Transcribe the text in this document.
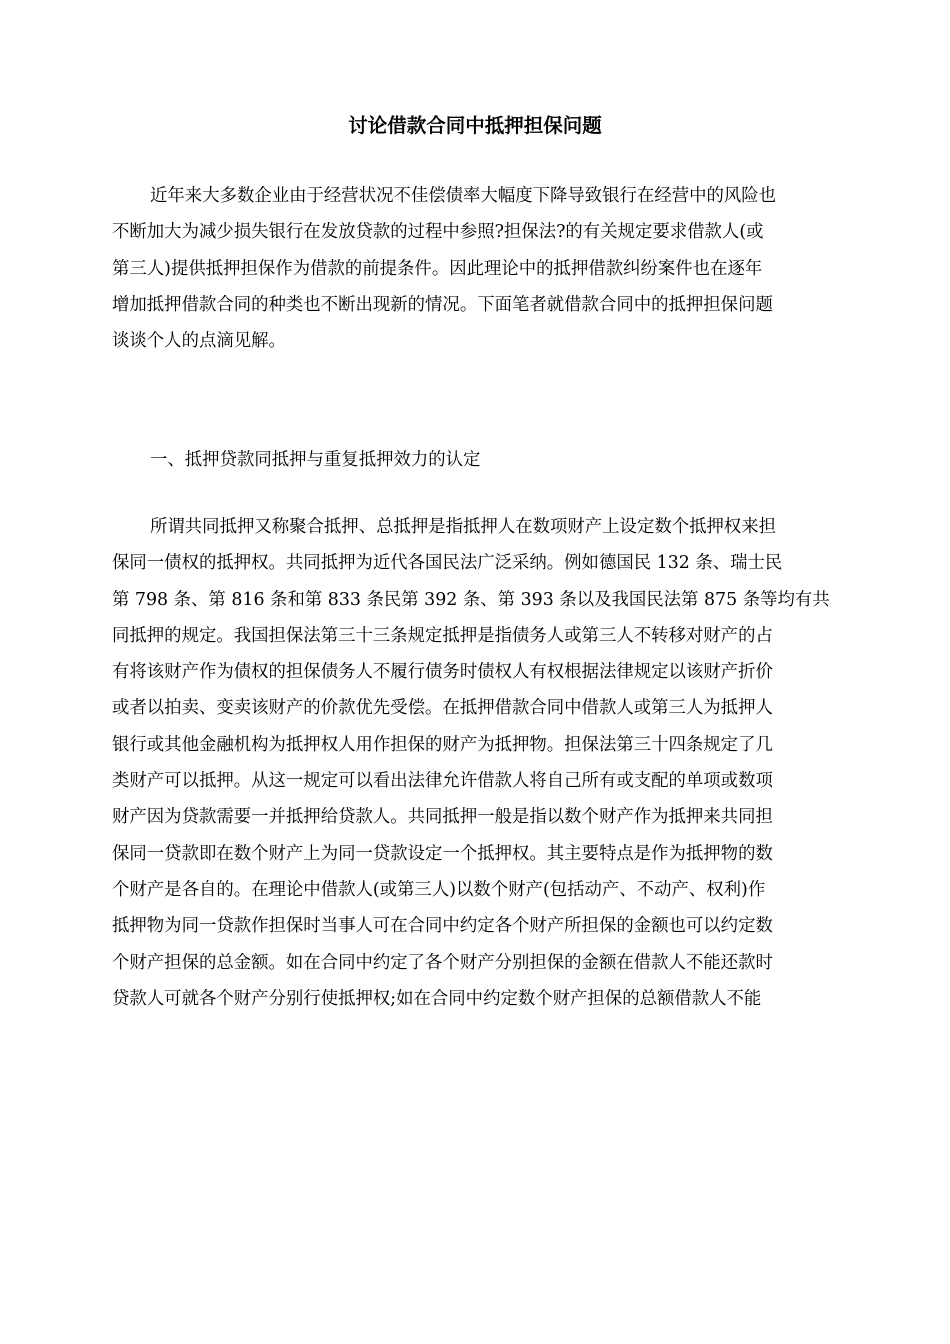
讨论借款合同中抵押担保问题
近年来大多数企业由于经营状况不佳偿债率大幅度下降导致银行在经营中的风险也
不断加大为减少损失银行在发放贷款的过程中参照?担保法?的有关规定要求借款人(或
第三人)提供抵押担保作为借款的前提条件。因此理论中的抵押借款纠纷案件也在逐年
增加抵押借款合同的种类也不断出现新的情况。下面笔者就借款合同中的抵押担保问题
谈谈个人的点滴见解。
一、抵押贷款同抵押与重复抵押效力的认定
所谓共同抵押又称聚合抵押、总抵押是指抵押人在数项财产上设定数个抵押权来担
保同一债权的抵押权。共同抵押为近代各国民法广泛采纳。例如德国民 132 条、瑞士民
第 798 条、第 816 条和第 833 条民第 392 条、第 393 条以及我国民法第 875 条等均有共
同抵押的规定。我国担保法第三十三条规定抵押是指债务人或第三人不转移对财产的占
有将该财产作为债权的担保债务人不履行债务时债权人有权根据法律规定以该财产折价
或者以拍卖、变卖该财产的价款优先受偿。在抵押借款合同中借款人或第三人为抵押人
银行或其他金融机构为抵押权人用作担保的财产为抵押物。担保法第三十四条规定了几
类财产可以抵押。从这一规定可以看出法律允许借款人将自己所有或支配的单项或数项
财产因为贷款需要一并抵押给贷款人。共同抵押一般是指以数个财产作为抵押来共同担
保同一贷款即在数个财产上为同一贷款设定一个抵押权。其主要特点是作为抵押物的数
个财产是各自的。在理论中借款人(或第三人)以数个财产(包括动产、不动产、权利)作
抵押物为同一贷款作担保时当事人可在合同中约定各个财产所担保的金额也可以约定数
个财产担保的总金额。如在合同中约定了各个财产分别担保的金额在借款人不能还款时
贷款人可就各个财产分别行使抵押权;如在合同中约定数个财产担保的总额借款人不能
